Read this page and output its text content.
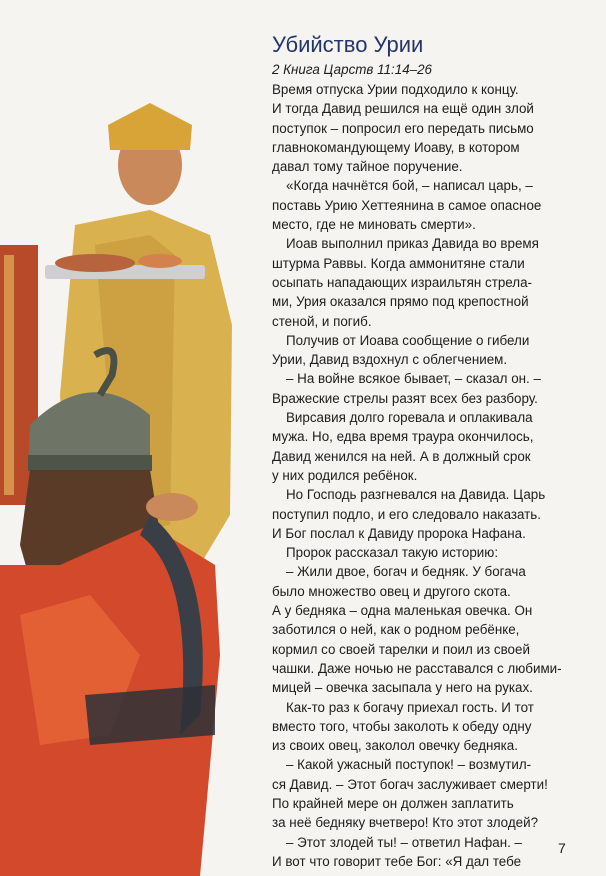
Убийство Урии

2 Книга Царств 11:14–26

Время отпуска Урии подходило к концу.
И тогда Давид решился на ещё один злой
поступок – попросил его передать письмо
главнокомандующему Иоаву, в котором
давал тому тайное поручение.

«Когда начнётся бой, – написал царь, –
поставь Урию Хеттеянина в самое опасное
место, где не миновать смерти».

Иоав выполнил приказ Давида во время
штурма Раввы. Когда аммонитяне стали
осыпать нападающих израильтян стрела-
ми, Урия оказался прямо под крепостной
стеной, и погиб.

Получив от Иоава сообщение о гибели
Урии, Давид вздохнул с облегчением.

– На войне всякое бывает, – сказал он. –
Вражеские стрелы разят всех без разбору.

Вирсавия долго горевала и оплакивала
мужа. Но, едва время траура окончилось,
Давид женился на ней. А в должный срок
у них родился ребёнок.

Но Господь разгневался на Давида. Царь
поступил подло, и его следовало наказать.
И Бог послал к Давиду пророка Нафана.

Пророк рассказал такую историю:

– Жили двое, богач и бедняк. У богача
было множество овец и другого скота.
А у бедняка – одна маленькая овечка. Он
заботился о ней, как о родном ребёнке,
кормил со своей тарелки и поил из своей
чашки. Даже ночью не расставался с любими-
мицей – овечка засыпала у него на руках.

Как-то раз к богачу приехал гость. И тот
вместо того, чтобы заколоть к обеду одну
из своих овец, заколол овечку бедняка.

– Какой ужасный поступок! – возмутил-
ся Давид. – Этот богач заслуживает смерти!
По крайней мере он должен заплатить
за неё бедняку вчетверо! Кто этот злодей?

– Этот злодей ты! – ответил Нафан. –
И вот что говорит тебе Бог: «Я дал тебе

7
